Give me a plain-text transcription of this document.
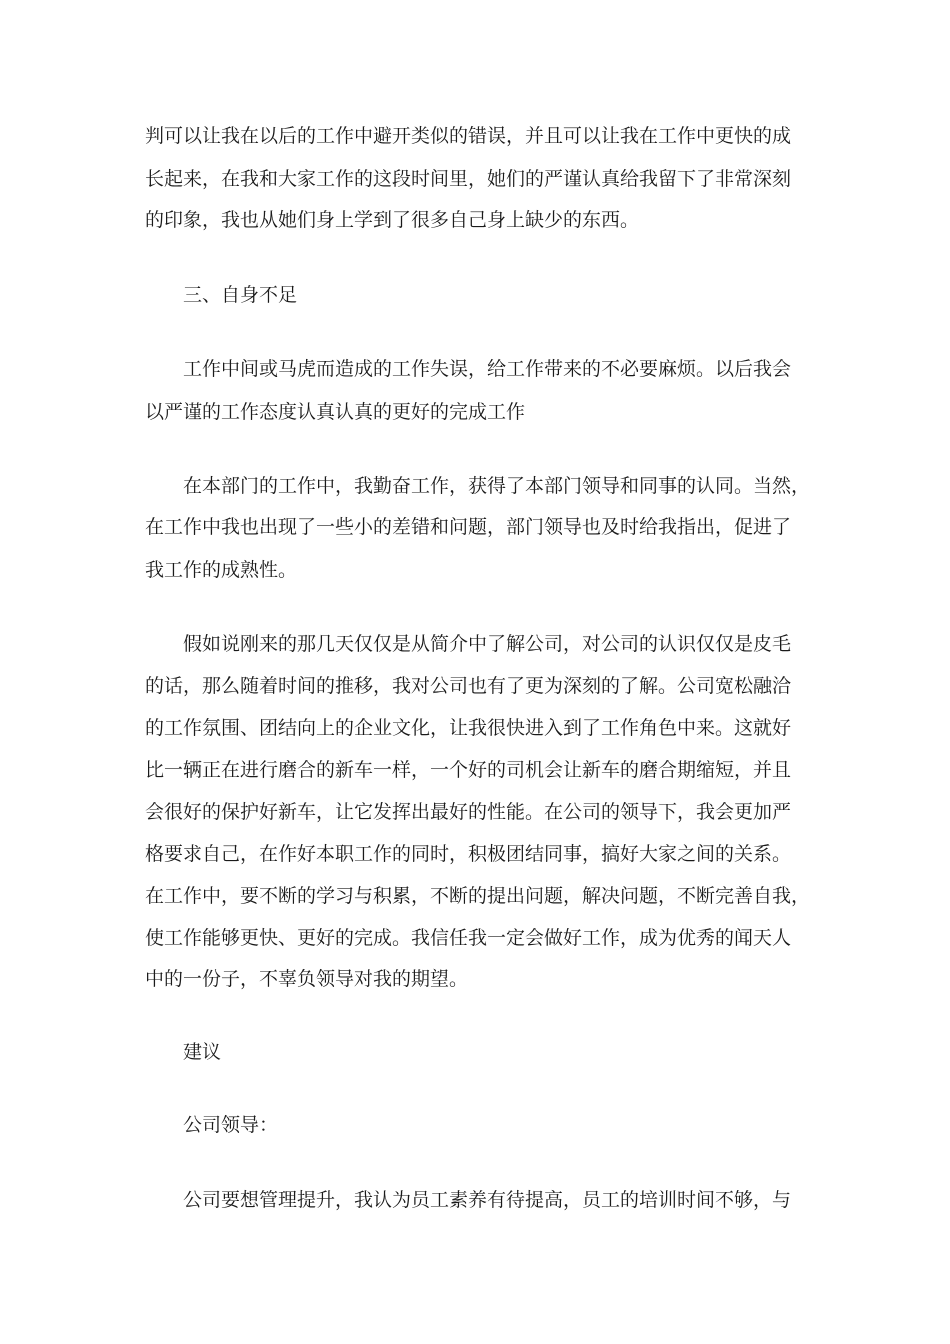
判可以让我在以后的工作中避开类似的错误，并且可以让我在工作中更快的成
长起来，在我和大家工作的这段时间里，她们的严谨认真给我留下了非常深刻
的印象，我也从她们身上学到了很多自己身上缺少的东西。
三、自身不足
工作中间或马虎而造成的工作失误，给工作带来的不必要麻烦。以后我会
以严谨的工作态度认真认真的更好的完成工作
在本部门的工作中，我勤奋工作，获得了本部门领导和同事的认同。当然，
在工作中我也出现了一些小的差错和问题，部门领导也及时给我指出，促进了
我工作的成熟性。
假如说刚来的那几天仅仅是从简介中了解公司，对公司的认识仅仅是皮毛
的话，那么随着时间的推移，我对公司也有了更为深刻的了解。公司宽松融洽
的工作氛围、团结向上的企业文化，让我很快进入到了工作角色中来。这就好
比一辆正在进行磨合的新车一样，一个好的司机会让新车的磨合期缩短，并且
会很好的保护好新车，让它发挥出最好的性能。在公司的领导下，我会更加严
格要求自己，在作好本职工作的同时，积极团结同事，搞好大家之间的关系。
在工作中，要不断的学习与积累，不断的提出问题，解决问题，不断完善自我，
使工作能够更快、更好的完成。我信任我一定会做好工作，成为优秀的闻天人
中的一份子，不辜负领导对我的期望。
建议
公司领导：
公司要想管理提升，我认为员工素养有待提高，员工的培训时间不够，与
